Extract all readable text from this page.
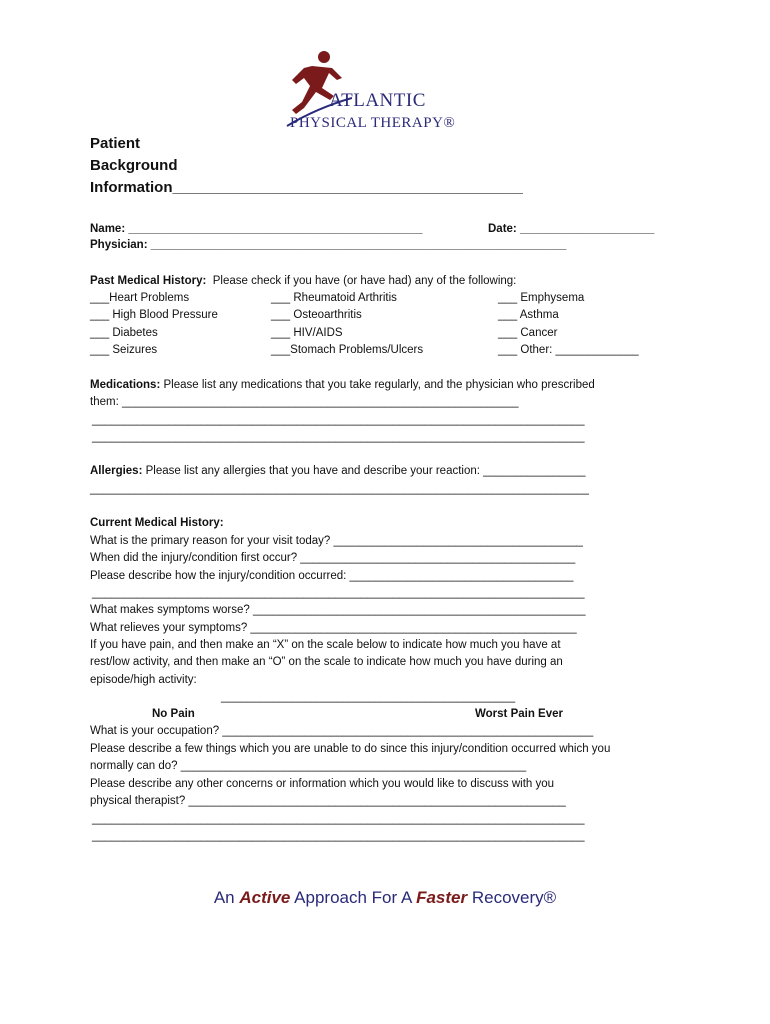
ATLANTIC
PHYSICAL THERAPY®
Patient
Background
Information__________________________________________
Name: ______________________________________________	Date: _____________________
Physician: _________________________________________________________________
Past Medical History: Please check if you have (or have had) any of the following:
___Heart Problems
___ High Blood Pressure
___ Diabetes
___ Seizures
___ Rheumatoid Arthritis
___ Osteoarthritis
___ HIV/AIDS
___Stomach Problems/Ulcers
___ Emphysema
___ Asthma
___ Cancer
___ Other: _____________
Medications: Please list any medications that you take regularly, and the physician who prescribed
them: ______________________________________________________________
_____________________________________________________________________________
_____________________________________________________________________________
Allergies: Please list any allergies that you have and describe your reaction: ________________
______________________________________________________________________________
Current Medical History:
What is the primary reason for your visit today? _______________________________________
When did the injury/condition first occur? ___________________________________________
Please describe how the injury/condition occurred: ___________________________________
_____________________________________________________________________________
What makes symptoms worse? ____________________________________________________
What relieves your symptoms? ___________________________________________________
If you have pain, and then make an “X” on the scale below to indicate how much you have at
rest/low activity, and then make an “O” on the scale to indicate how much you have during an
episode/high activity:
______________________________________________
No Pain	Worst Pain Ever
What is your occupation? __________________________________________________________
Please describe a few things which you are unable to do since this injury/condition occurred which you
normally can do? ______________________________________________________
Please describe any other concerns or information which you would like to discuss with you
physical therapist? ___________________________________________________________
_____________________________________________________________________________
_____________________________________________________________________________
An Active Approach For A Faster Recovery®
